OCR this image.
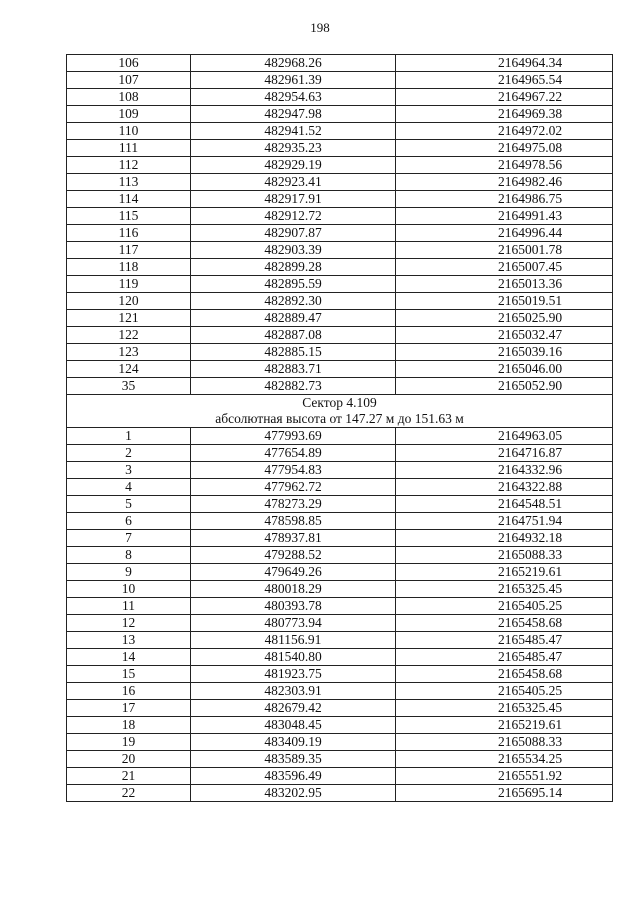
198
106	482968.26	2164964.34
107	482961.39	2164965.54
108	482954.63	2164967.22
109	482947.98	2164969.38
110	482941.52	2164972.02
111	482935.23	2164975.08
112	482929.19	2164978.56
113	482923.41	2164982.46
114	482917.91	2164986.75
115	482912.72	2164991.43
116	482907.87	2164996.44
117	482903.39	2165001.78
118	482899.28	2165007.45
119	482895.59	2165013.36
120	482892.30	2165019.51
121	482889.47	2165025.90
122	482887.08	2165032.47
123	482885.15	2165039.16
124	482883.71	2165046.00
35	482882.73	2165052.90

Сектор 4.109
абсолютная высота от 147.27 м до 151.63 м		

1	477993.69	2164963.05
2	477654.89	2164716.87
3	477954.83	2164332.96
4	477962.72	2164322.88
5	478273.29	2164548.51
6	478598.85	2164751.94
7	478937.81	2164932.18
8	479288.52	2165088.33
9	479649.26	2165219.61
10	480018.29	2165325.45
11	480393.78	2165405.25
12	480773.94	2165458.68
13	481156.91	2165485.47
14	481540.80	2165485.47
15	481923.75	2165458.68
16	482303.91	2165405.25
17	482679.42	2165325.45
18	483048.45	2165219.61
19	483409.19	2165088.33
20	483589.35	2165534.25
21	483596.49	2165551.92
22	483202.95	2165695.14
